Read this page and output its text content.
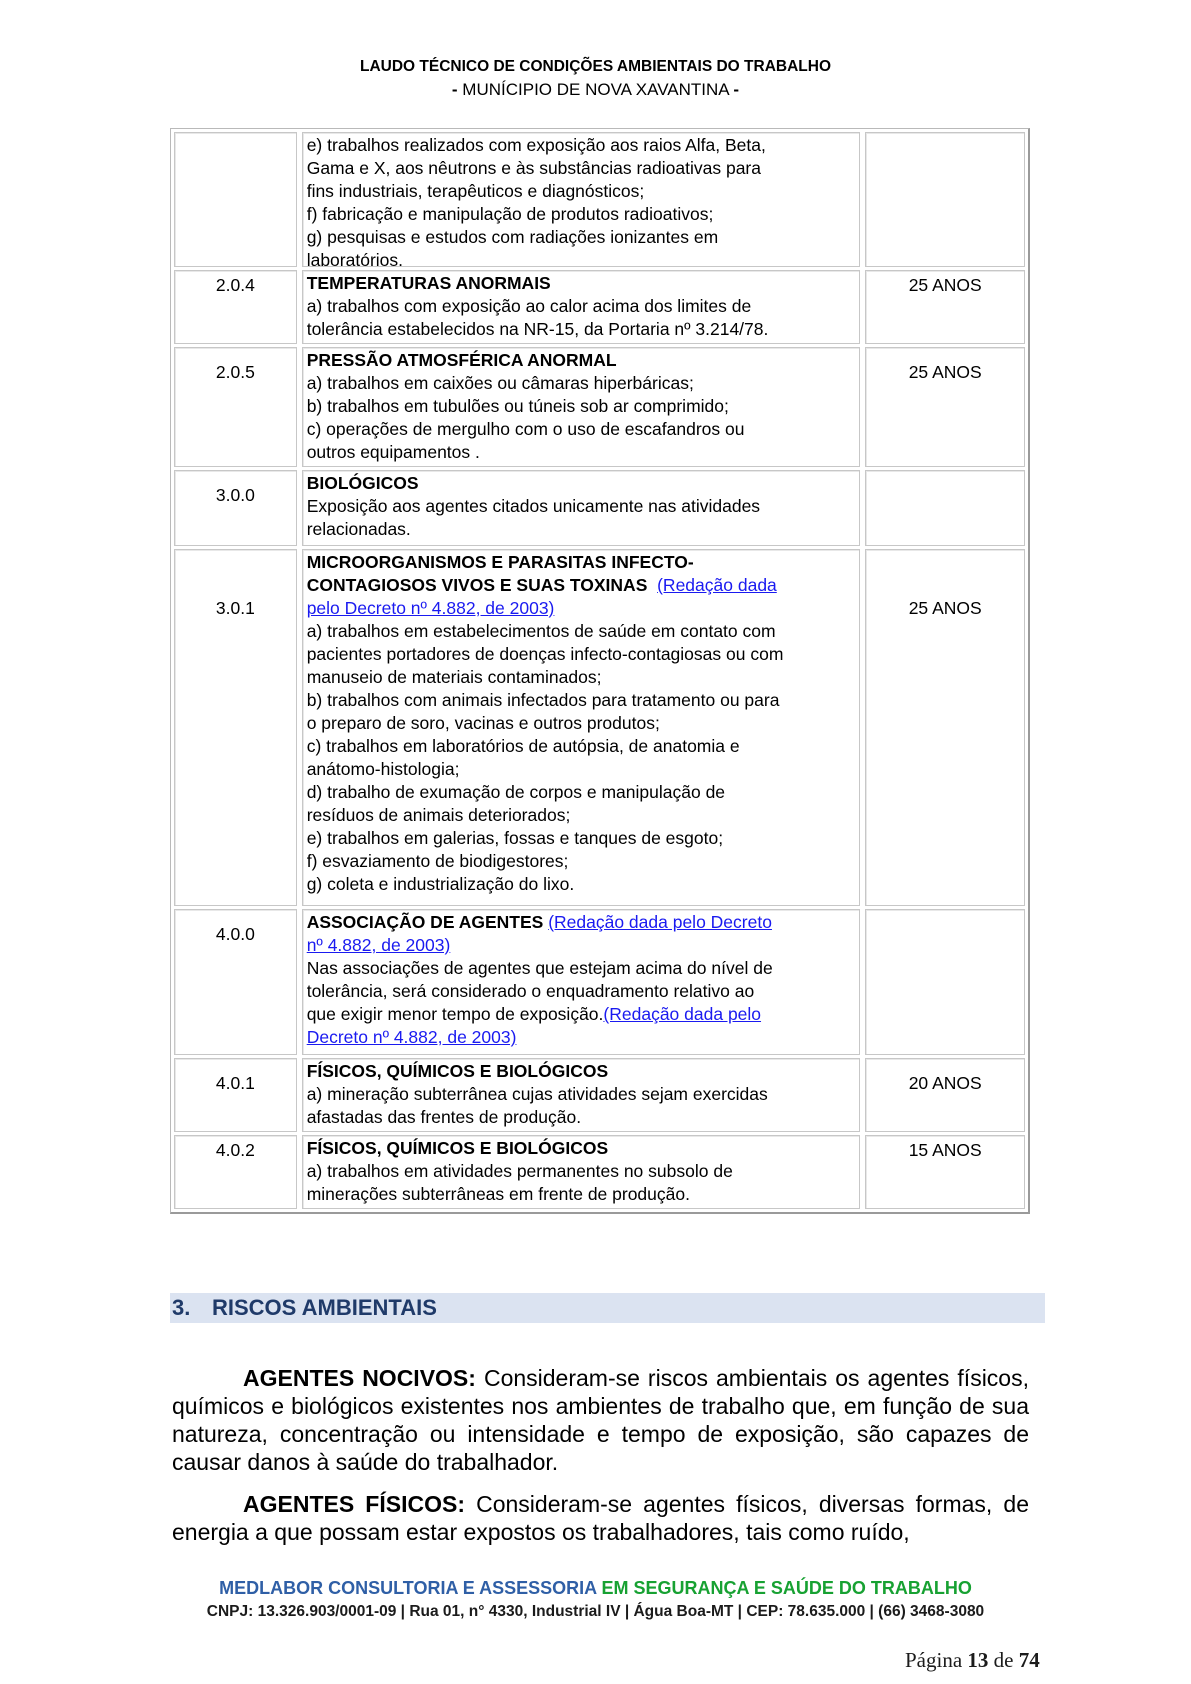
LAUDO TÉCNICO DE CONDIÇÕES AMBIENTAIS DO TRABALHO
- MUNÍCIPIO DE NOVA XAVANTINA -
e) trabalhos realizados com exposição aos raios Alfa, Beta,
Gama e X, aos nêutrons e às substâncias radioativas para
fins industriais, terapêuticos e diagnósticos;
f) fabricação e manipulação de produtos radioativos;
g) pesquisas e estudos com radiações ionizantes em
laboratórios.
2.0.4	TEMPERATURAS ANORMAIS
a) trabalhos com exposição ao calor acima dos limites de
tolerância estabelecidos na NR-15, da Portaria nº 3.214/78.
25 ANOS
2.0.5
PRESSÃO ATMOSFÉRICA ANORMAL
a) trabalhos em caixões ou câmaras hiperbáricas;
b) trabalhos em tubulões ou túneis sob ar comprimido;
c) operações de mergulho com o uso de escafandros ou
outros equipamentos .
25 ANOS
3.0.0
BIOLÓGICOS
Exposição aos agentes citados unicamente nas atividades
relacionadas.
3.0.1
MICROORGANISMOS E PARASITAS INFECTO-
CONTAGIOSOS VIVOS E SUAS TOXINAS (Redação dada
pelo Decreto nº 4.882, de 2003)
a) trabalhos em estabelecimentos de saúde em contato com
pacientes portadores de doenças infecto-contagiosas ou com
manuseio de materiais contaminados;
b) trabalhos com animais infectados para tratamento ou para
o preparo de soro, vacinas e outros produtos;
c) trabalhos em laboratórios de autópsia, de anatomia e
anátomo-histologia;
d) trabalho de exumação de corpos e manipulação de
resíduos de animais deteriorados;
e) trabalhos em galerias, fossas e tanques de esgoto;
f) esvaziamento de biodigestores;
g) coleta e industrialização do lixo.
25 ANOS
4.0.0
ASSOCIAÇÃO DE AGENTES (Redação dada pelo Decreto
nº 4.882, de 2003)
Nas associações de agentes que estejam acima do nível de
tolerância, será considerado o enquadramento relativo ao
que exigir menor tempo de exposição.(Redação dada pelo
Decreto nº 4.882, de 2003)
4.0.1
FÍSICOS, QUÍMICOS E BIOLÓGICOS
a) mineração subterrânea cujas atividades sejam exercidas
afastadas das frentes de produção.
20 ANOS
4.0.2	FÍSICOS, QUÍMICOS E BIOLÓGICOS
a) trabalhos em atividades permanentes no subsolo de
minerações subterrâneas em frente de produção.
15 ANOS
3. RISCOS AMBIENTAIS
AGENTES NOCIVOS: Consideram-se riscos ambientais os agentes físicos, químicos e biológicos existentes nos ambientes de trabalho que, em função de sua natureza, concentração ou intensidade e tempo de exposição, são capazes de causar danos à saúde do trabalhador.
AGENTES FÍSICOS: Consideram-se agentes físicos, diversas formas, de energia a que possam estar expostos os trabalhadores, tais como ruído,
MEDLABOR CONSULTORIA E ASSESSORIA EM SEGURANÇA E SAÚDE DO TRABALHO
CNPJ: 13.326.903/0001-09 | Rua 01, n° 4330, Industrial IV | Água Boa-MT | CEP: 78.635.000 | (66) 3468-3080
Página 13 de 74
